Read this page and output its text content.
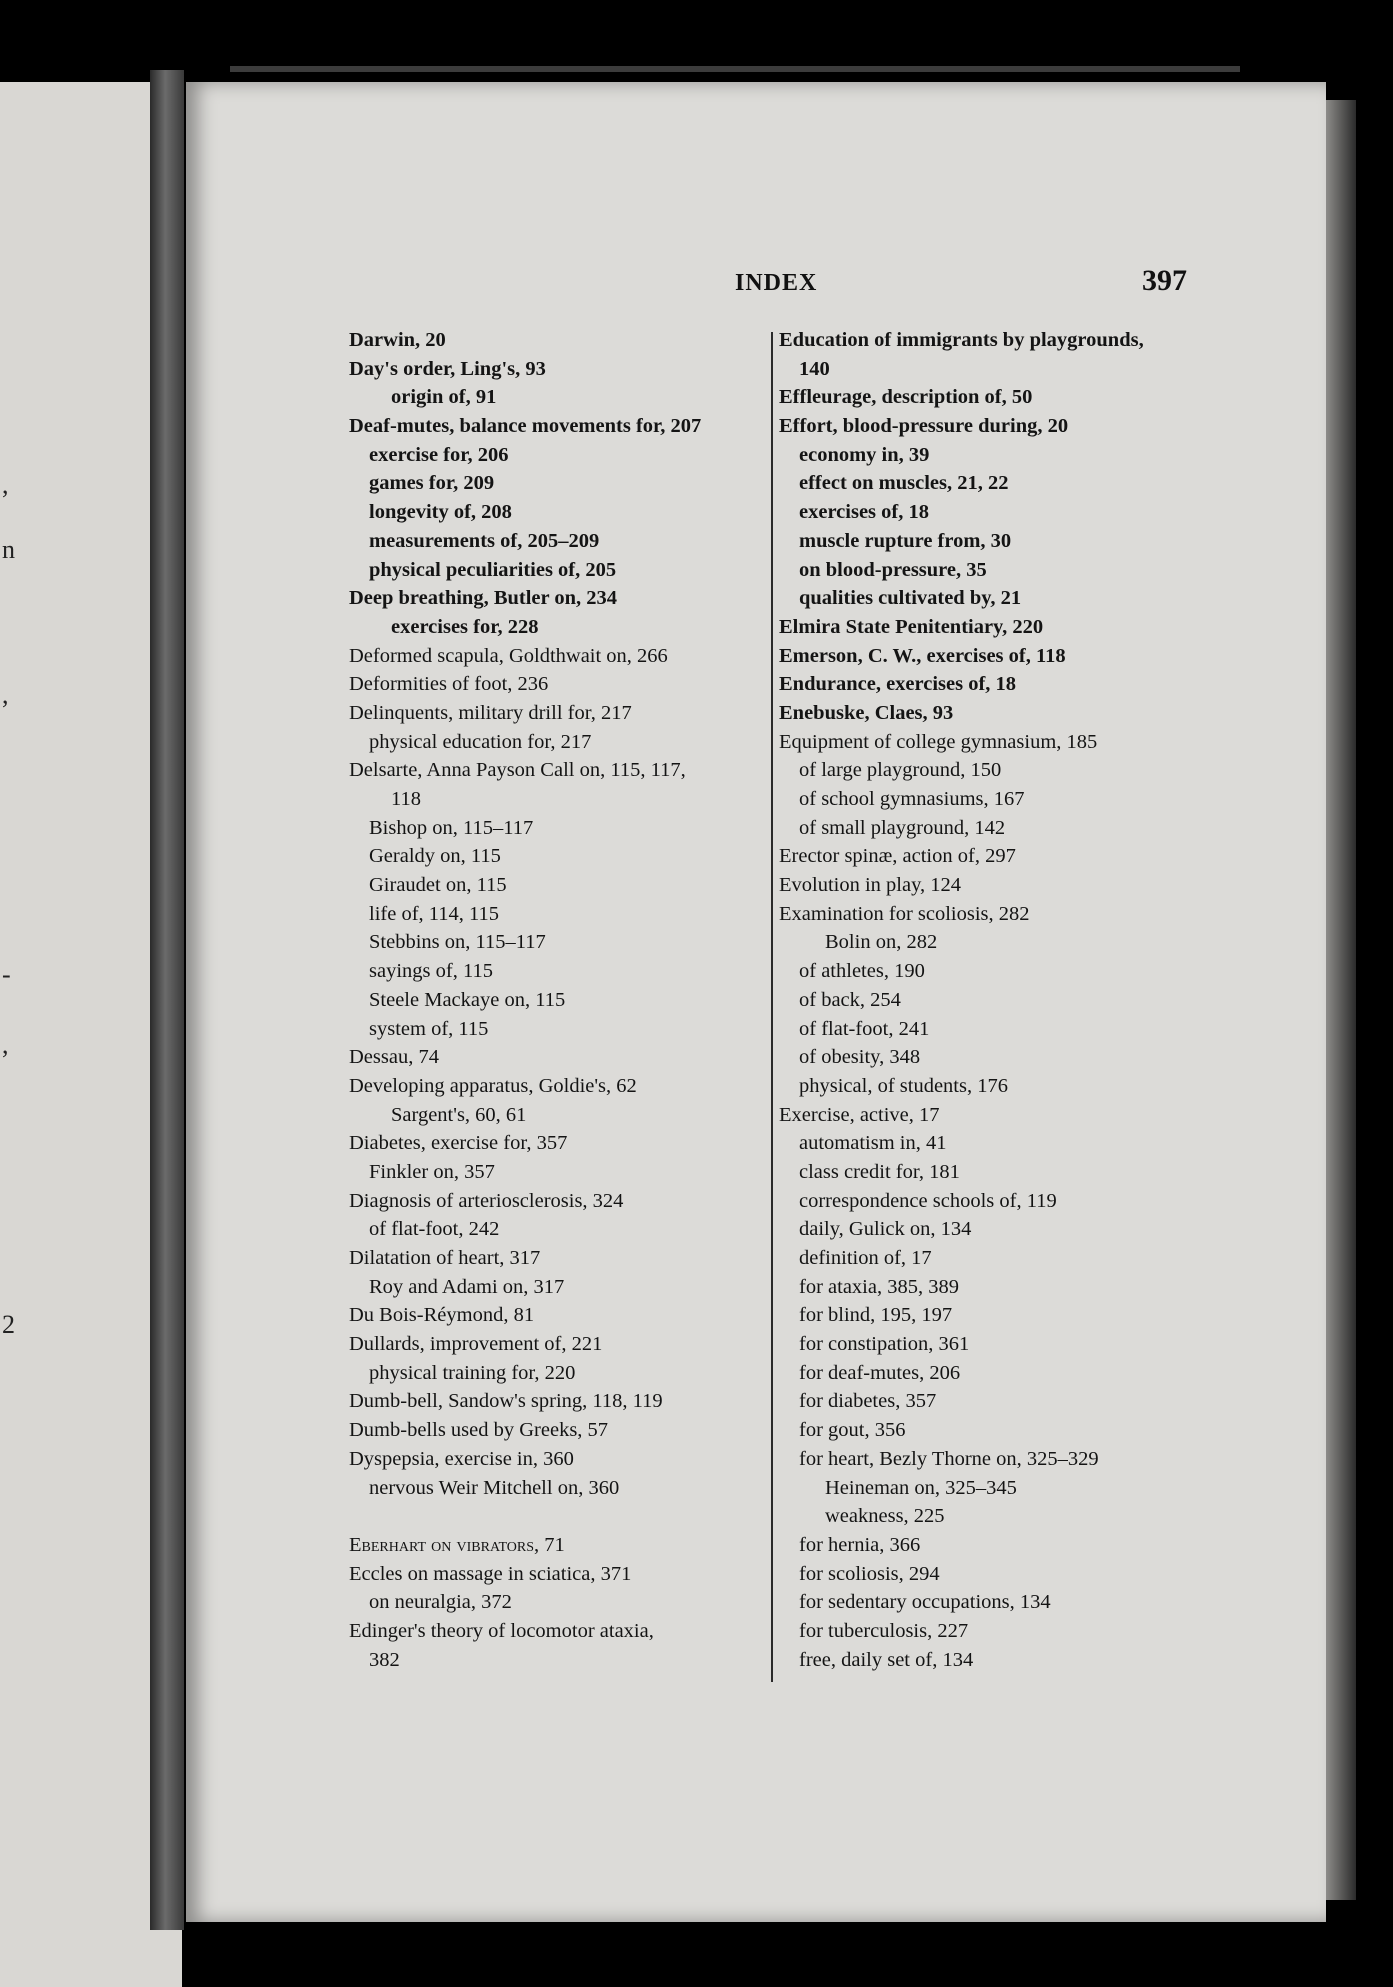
,
n
,
-
,
2
INDEX	397
Darwin, 20
Day's order, Ling's, 93
origin of, 91
Deaf-mutes, balance movements for, 207
exercise for, 206
games for, 209
longevity of, 208
measurements of, 205–209
physical peculiarities of, 205
Deep breathing, Butler on, 234
exercises for, 228
Deformed scapula, Goldthwait on, 266
Deformities of foot, 236
Delinquents, military drill for, 217
physical education for, 217
Delsarte, Anna Payson Call on, 115, 117,
118
Bishop on, 115–117
Geraldy on, 115
Giraudet on, 115
life of, 114, 115
Stebbins on, 115–117
sayings of, 115
Steele Mackaye on, 115
system of, 115
Dessau, 74
Developing apparatus, Goldie's, 62
Sargent's, 60, 61
Diabetes, exercise for, 357
Finkler on, 357
Diagnosis of arteriosclerosis, 324
of flat-foot, 242
Dilatation of heart, 317
Roy and Adami on, 317
Du Bois-Réymond, 81
Dullards, improvement of, 221
physical training for, 220
Dumb-bell, Sandow's spring, 118, 119
Dumb-bells used by Greeks, 57
Dyspepsia, exercise in, 360
nervous Weir Mitchell on, 360
Eberhart on vibrators, 71
Eccles on massage in sciatica, 371
on neuralgia, 372
Edinger's theory of locomotor ataxia,
382
Education of immigrants by playgrounds,
140
Effleurage, description of, 50
Effort, blood-pressure during, 20
economy in, 39
effect on muscles, 21, 22
exercises of, 18
muscle rupture from, 30
on blood-pressure, 35
qualities cultivated by, 21
Elmira State Penitentiary, 220
Emerson, C. W., exercises of, 118
Endurance, exercises of, 18
Enebuske, Claes, 93
Equipment of college gymnasium, 185
of large playground, 150
of school gymnasiums, 167
of small playground, 142
Erector spinæ, action of, 297
Evolution in play, 124
Examination for scoliosis, 282
Bolin on, 282
of athletes, 190
of back, 254
of flat-foot, 241
of obesity, 348
physical, of students, 176
Exercise, active, 17
automatism in, 41
class credit for, 181
correspondence schools of, 119
daily, Gulick on, 134
definition of, 17
for ataxia, 385, 389
for blind, 195, 197
for constipation, 361
for deaf-mutes, 206
for diabetes, 357
for gout, 356
for heart, Bezly Thorne on, 325–329
Heineman on, 325–345
weakness, 225
for hernia, 366
for scoliosis, 294
for sedentary occupations, 134
for tuberculosis, 227
free, daily set of, 134
